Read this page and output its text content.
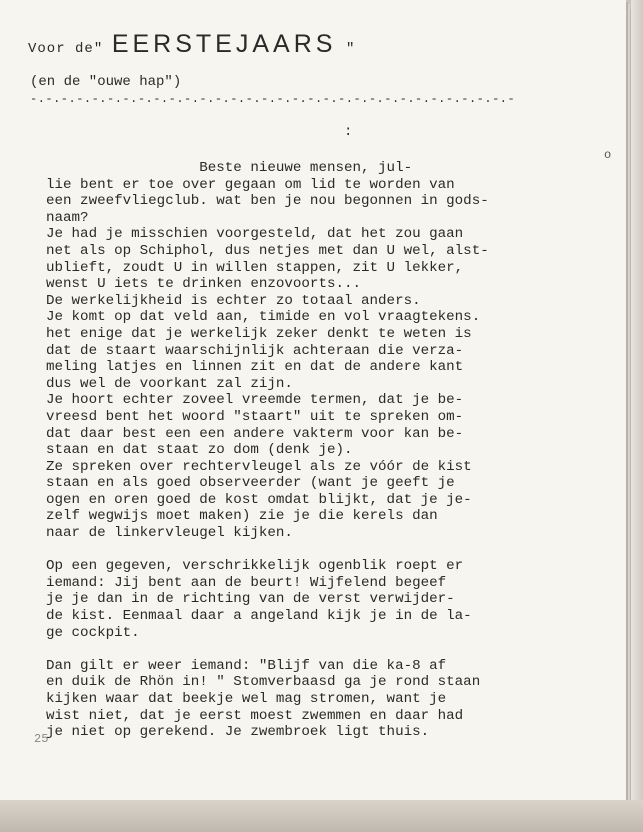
Voor de" EERSTEJAARS "
(en de "ouwe hap")
-.-.-.-.-.-.-.-.-.-.-.-.-.-.-.-.-.-.-.-.-.-.-.-.-.-.-.-.-.-.-.-
:
o
Beste nieuwe mensen, jul-
lie bent er toe over gegaan om lid te worden van
een zweefvliegclub. wat ben je nou begonnen in gods-
naam?
Je had je misschien voorgesteld, dat het zou gaan
net als op Schiphol, dus netjes met dan U wel, alst-
ublieft, zoudt U in willen stappen, zit U lekker,
wenst U iets te drinken enzovoorts...
De werkelijkheid is echter zo totaal anders.
Je komt op dat veld aan, timide en vol vraagtekens.
het enige dat je werkelijk zeker denkt te weten is
dat de staart waarschijnlijk achteraan die verza-
meling latjes en linnen zit en dat de andere kant
dus wel de voorkant zal zijn.
Je hoort echter zoveel vreemde termen, dat je be-
vreesd bent het woord "staart" uit te spreken om-
dat daar best een een andere vakterm voor kan be-
staan en dat staat zo dom (denk je).
Ze spreken over rechtervleugel als ze vóór de kist
staan en als goed observeerder (want je geeft je
ogen en oren goed de kost omdat blijkt, dat je je-
zelf wegwijs moet maken) zie je die kerels dan
naar de linkervleugel kijken.
Op een gegeven, verschrikkelijk ogenblik roept er
iemand: Jij bent aan de beurt! Wijfelend begeef
je je dan in de richting van de verst verwijder-
de kist. Eenmaal daar a angeland kijk je in de la-
ge cockpit.
Dan gilt er weer iemand: "Blijf van die ka-8 af
en duik de Rhön in! " Stomverbaasd ga je rond staan
kijken waar dat beekje wel mag stromen, want je
wist niet, dat je eerst moest zwemmen en daar had
je niet op gerekend. Je zwembroek ligt thuis.
25
